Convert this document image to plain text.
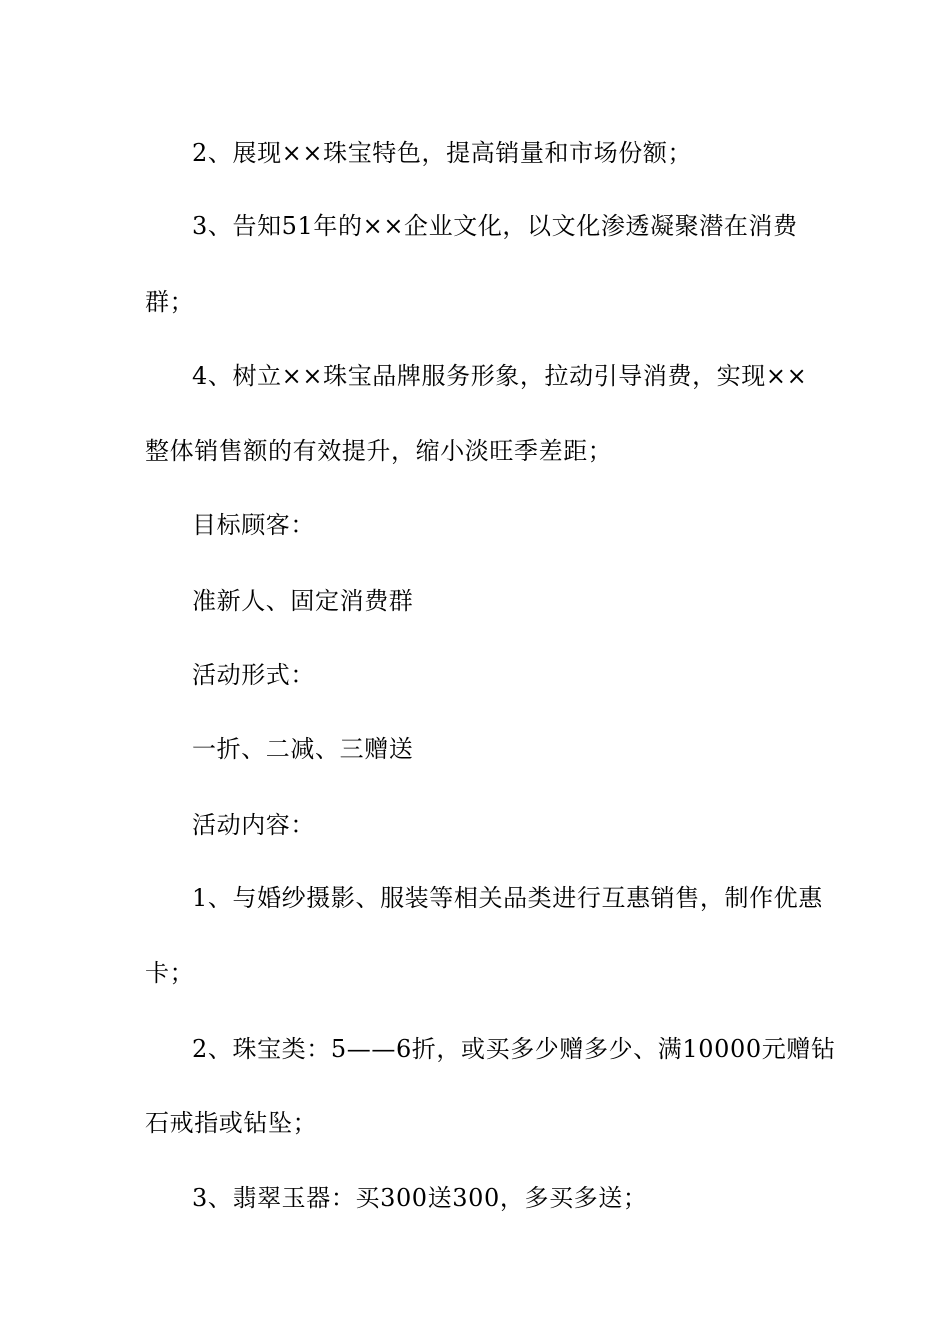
2、展现××珠宝特色，提高销量和市场份额；
3、告知51年的××企业文化，以文化渗透凝聚潜在消费
群；
4、树立××珠宝品牌服务形象，拉动引导消费，实现××
整体销售额的有效提升，缩小淡旺季差距；
目标顾客：
准新人、固定消费群
活动形式：
一折、二减、三赠送
活动内容：
1、与婚纱摄影、服装等相关品类进行互惠销售，制作优惠
卡；
2、珠宝类：5——6折，或买多少赠多少、满10000元赠钻
石戒指或钻坠；
3、翡翠玉器：买300送300，多买多送；
